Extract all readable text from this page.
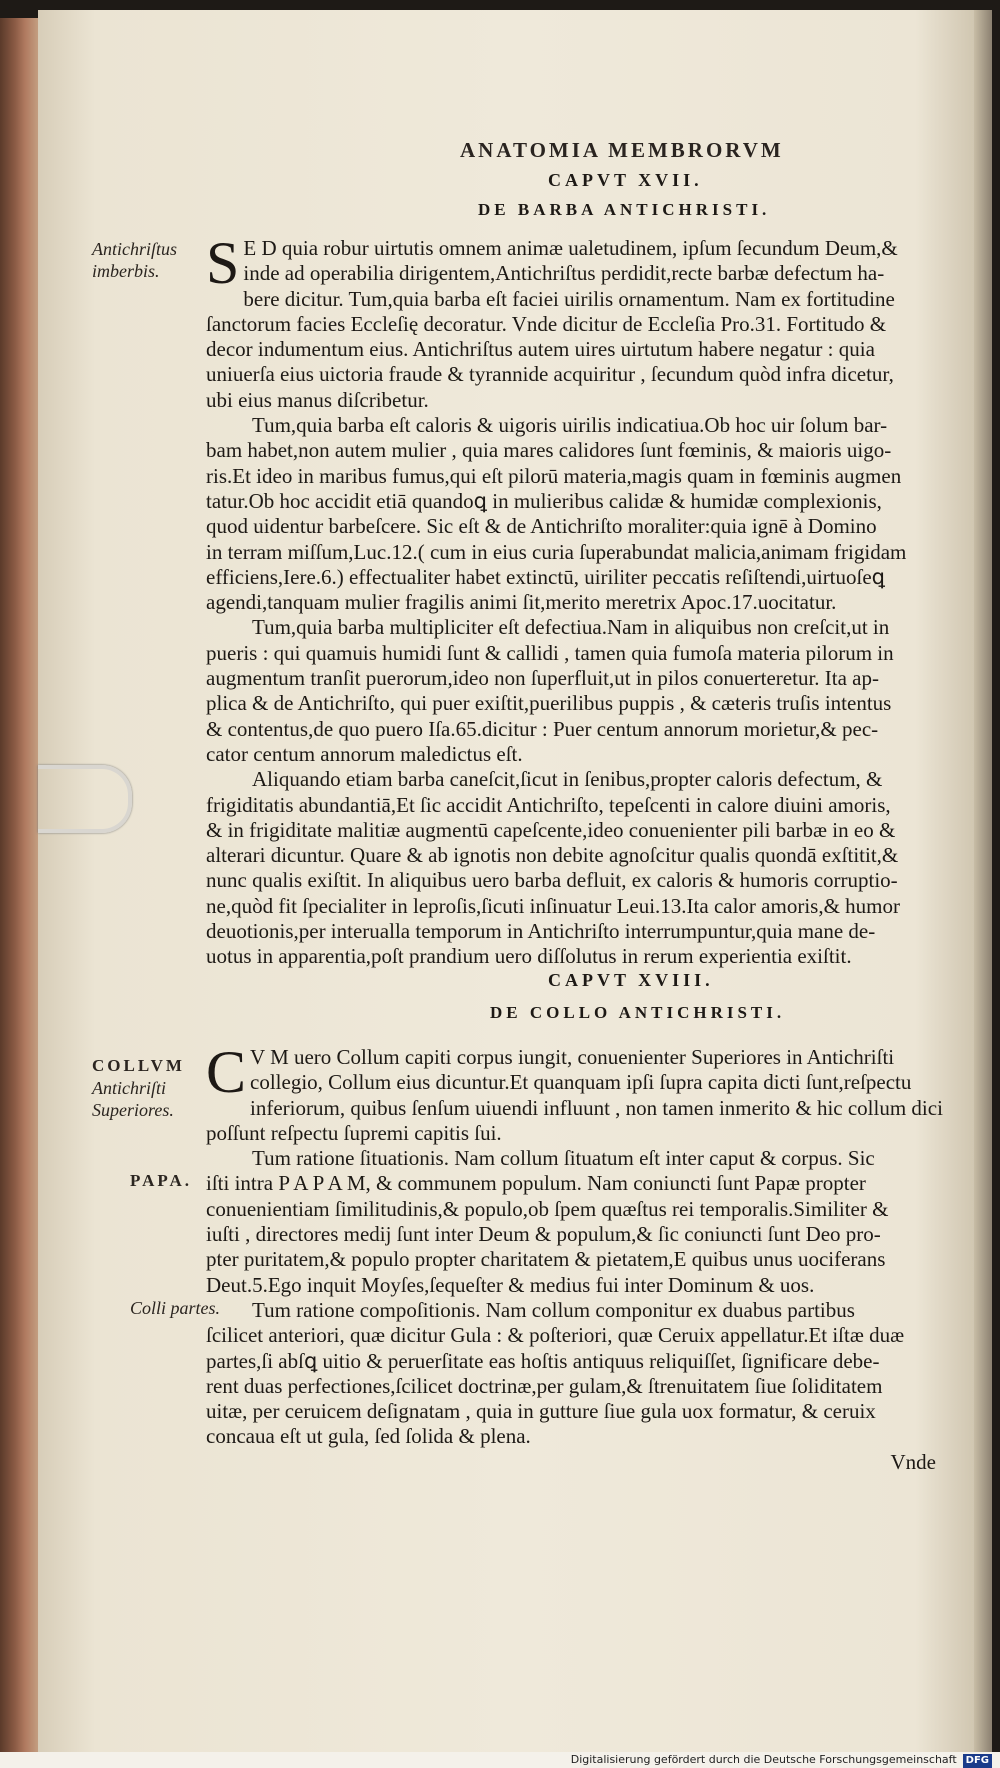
ANATOMIA MEMBRORVM
CAPVT XVII.
DE BARBA ANTICHRISTI.
Antichriſtus
imberbis. S E D quia robur uirtutis omnem animæ ualetudinem, ipſum ſecundum Deum,&
inde ad operabilia dirigentem,Antichriſtus perdidit,recte barbæ defectum ha-
bere dicitur. Tum,quia barba eſt faciei uirilis ornamentum. Nam ex fortitudine
ſanctorum facies Eccleſię decoratur. Vnde dicitur de Eccleſia Pro.31. Fortitudo &
decor indumentum eius. Antichriſtus autem uires uirtutum habere negatur : quia
uniuerſa eius uictoria fraude & tyrannide acquiritur , ſecundum quòd infra dicetur,
ubi eius manus diſcribetur.
Tum,quia barba eſt caloris & uigoris uirilis indicatiua.Ob hoc uir ſolum bar-
bam habet,non autem mulier , quia mares calidores ſunt fœminis, & maioris uigo-
ris.Et ideo in maribus fumus,qui eſt pilorū materia,magis quam in fœminis augmen
tatur.Ob hoc accidit etiā quandoꝗ in mulieribus calidæ & humidæ complexionis,
quod uidentur barbeſcere. Sic eſt & de Antichriſto moraliter:quia ignē à Domino
in terram miſſum,Luc.12.( cum in eius curia ſuperabundat malicia,animam frigidam
efficiens,Iere.6.) effectualiter habet extinctū, uiriliter peccatis reſiſtendi,uirtuoſeꝗ
agendi,tanquam mulier fragilis animi ſit,merito meretrix Apoc.17.uocitatur.
Tum,quia barba multipliciter eſt defectiua.Nam in aliquibus non creſcit,ut in
pueris : qui quamuis humidi ſunt & callidi , tamen quia fumoſa materia pilorum in
augmentum tranſit puerorum,ideo non ſuperfluit,ut in pilos conuerteretur. Ita ap-
plica & de Antichriſto, qui puer exiſtit,puerilibus puppis , & cæteris truſis intentus
& contentus,de quo puero Iſa.65.dicitur : Puer centum annorum morietur,& pec-
cator centum annorum maledictus eſt.
Aliquando etiam barba caneſcit,ſicut in ſenibus,propter caloris defectum, &
frigiditatis abundantiā,Et ſic accidit Antichriſto, tepeſcenti in calore diuini amoris,
& in frigiditate malitiæ augmentū capeſcente,ideo conuenienter pili barbæ in eo &
alterari dicuntur. Quare & ab ignotis non debite agnoſcitur qualis quondā exſtitit,&
nunc qualis exiſtit. In aliquibus uero barba defluit, ex caloris & humoris corruptio-
ne,quòd fit ſpecialiter in leproſis,ſicuti inſinuatur Leui.13.Ita calor amoris,& humor
deuotionis,per interualla temporum in Antichriſto interrumpuntur,quia mane de-
uotus in apparentia,poſt prandium uero diſſolutus in rerum experientia exiſtit.
CAPVT XVIII.
DE COLLO ANTICHRISTI.
COLLVM
Antichriſti
Superiores.
PAPA.
Colli partes.
C V M uero Collum capiti corpus iungit, conuenienter Superiores in Antichriſti
collegio, Collum eius dicuntur.Et quanquam ipſi ſupra capita dicti ſunt,reſpectu
inferiorum, quibus ſenſum uiuendi influunt , non tamen inmerito & hic collum dici
poſſunt reſpectu ſupremi capitis ſui.
Tum ratione ſituationis. Nam collum ſituatum eſt inter caput & corpus. Sic
iſti intra P A P A M, & communem populum. Nam coniuncti ſunt Papæ propter
conuenientiam ſimilitudinis,& populo,ob ſpem quæſtus rei temporalis.Similiter &
iuſti , directores medij ſunt inter Deum & populum,& ſic coniuncti ſunt Deo pro-
pter puritatem,& populo propter charitatem & pietatem,E quibus unus uociferans
Deut.5.Ego inquit Moyſes,ſequeſter & medius fui inter Dominum & uos.
Tum ratione compoſitionis. Nam collum componitur ex duabus partibus
ſcilicet anteriori, quæ dicitur Gula : & poſteriori, quæ Ceruix appellatur.Et iſtæ duæ
partes,ſi abſꝗ uitio & peruerſitate eas hoſtis antiquus reliquiſſet, ſignificare debe-
rent duas perfectiones,ſcilicet doctrinæ,per gulam,& ſtrenuitatem ſiue ſoliditatem
uitæ, per ceruicem deſignatam , quia in gutture ſiue gula uox formatur, & ceruix
concaua eſt ut gula, ſed ſolida & plena.
Vnde
Digitalisierung gefördert durch die Deutsche Forschungsgemeinschaft DFG
